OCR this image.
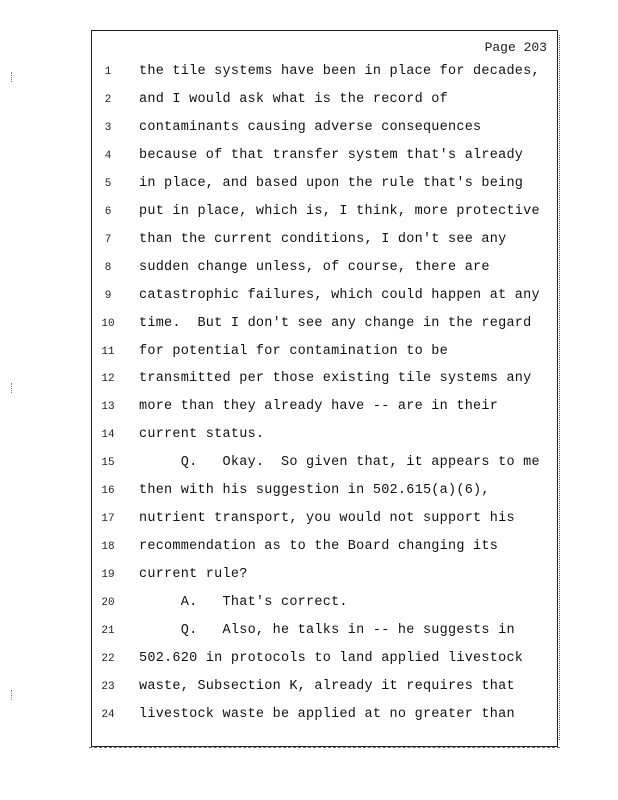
Page 203
1	the tile systems have been in place for decades,
2	and I would ask what is the record of
3	contaminants causing adverse consequences
4	because of that transfer system that's already
5	in place, and based upon the rule that's being
6	put in place, which is, I think, more protective
7	than the current conditions, I don't see any
8	sudden change unless, of course, there are
9	catastrophic failures, which could happen at any
10 time.  But I don't see any change in the regard
11 for potential for contamination to be
12 transmitted per those existing tile systems any
13 more than they already have -- are in their
14 current status.
15 Q.   Okay.  So given that, it appears to me
16 then with his suggestion in 502.615(a)(6),
17 nutrient transport, you would not support his
18 recommendation as to the Board changing its
19 current rule?
20 A.   That's correct.
21 Q.   Also, he talks in -- he suggests in
22 502.620 in protocols to land applied livestock
23 waste, Subsection K, already it requires that
24 livestock waste be applied at no greater than
